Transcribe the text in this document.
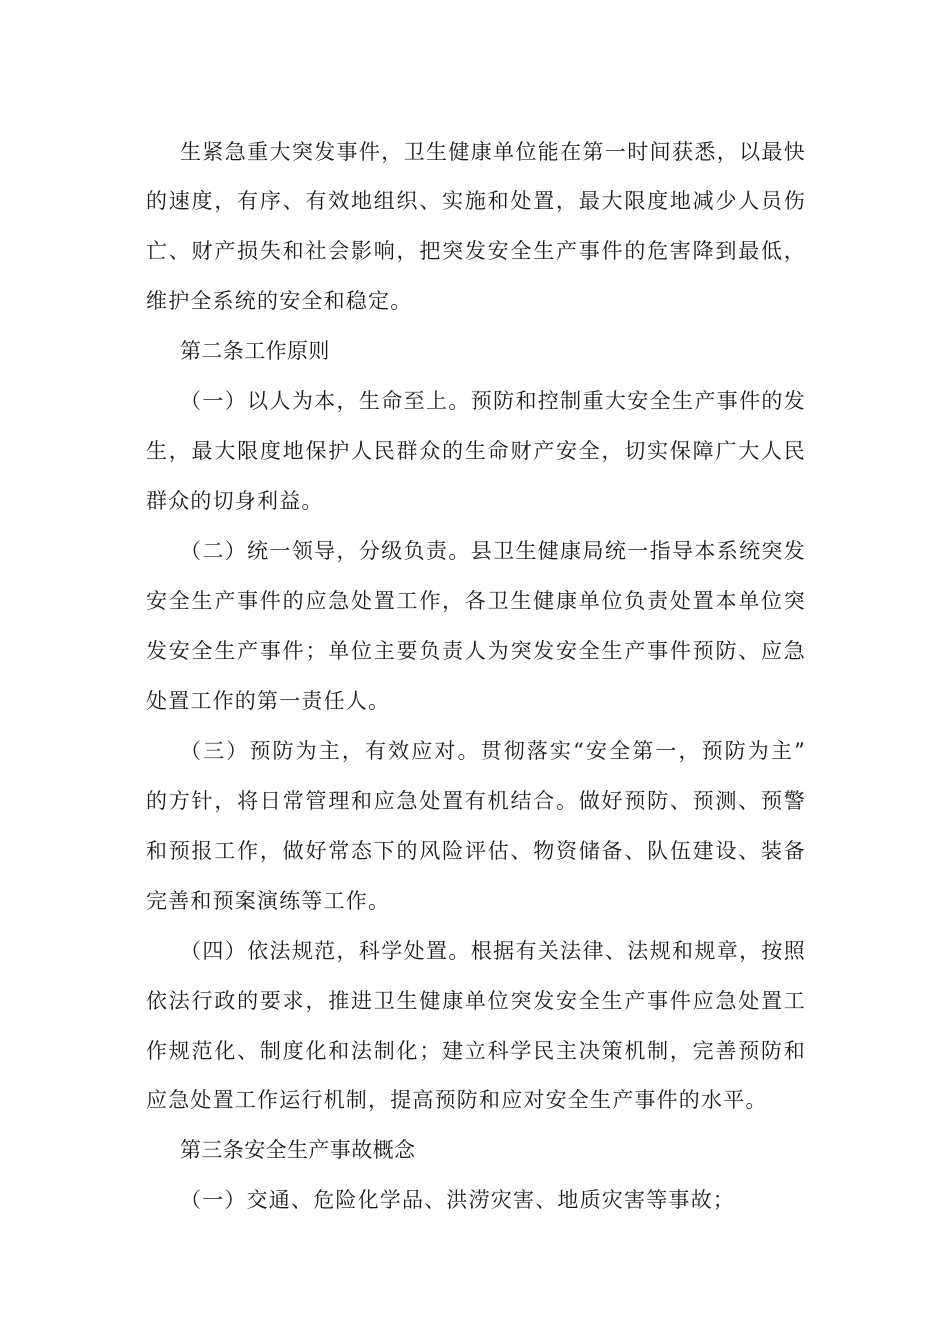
生紧急重大突发事件，卫生健康单位能在第一时间获悉，以最快
的速度，有序、有效地组织、实施和处置，最大限度地减少人员伤
亡、财产损失和社会影响，把突发安全生产事件的危害降到最低，
维护全系统的安全和稳定。
第二条工作原则
（一）以人为本，生命至上。预防和控制重大安全生产事件的发
生，最大限度地保护人民群众的生命财产安全，切实保障广大人民
群众的切身利益。
（二）统一领导，分级负责。县卫生健康局统一指导本系统突发
安全生产事件的应急处置工作，各卫生健康单位负责处置本单位突
发安全生产事件；单位主要负责人为突发安全生产事件预防、应急
处置工作的第一责任人。
（三）预防为主，有效应对。贯彻落实“安全第一，预防为主”
的方针，将日常管理和应急处置有机结合。做好预防、预测、预警
和预报工作，做好常态下的风险评估、物资储备、队伍建设、装备
完善和预案演练等工作。
（四）依法规范，科学处置。根据有关法律、法规和规章，按照
依法行政的要求，推进卫生健康单位突发安全生产事件应急处置工
作规范化、制度化和法制化；建立科学民主决策机制，完善预防和
应急处置工作运行机制，提高预防和应对安全生产事件的水平。
第三条安全生产事故概念
（一）交通、危险化学品、洪涝灾害、地质灾害等事故；
